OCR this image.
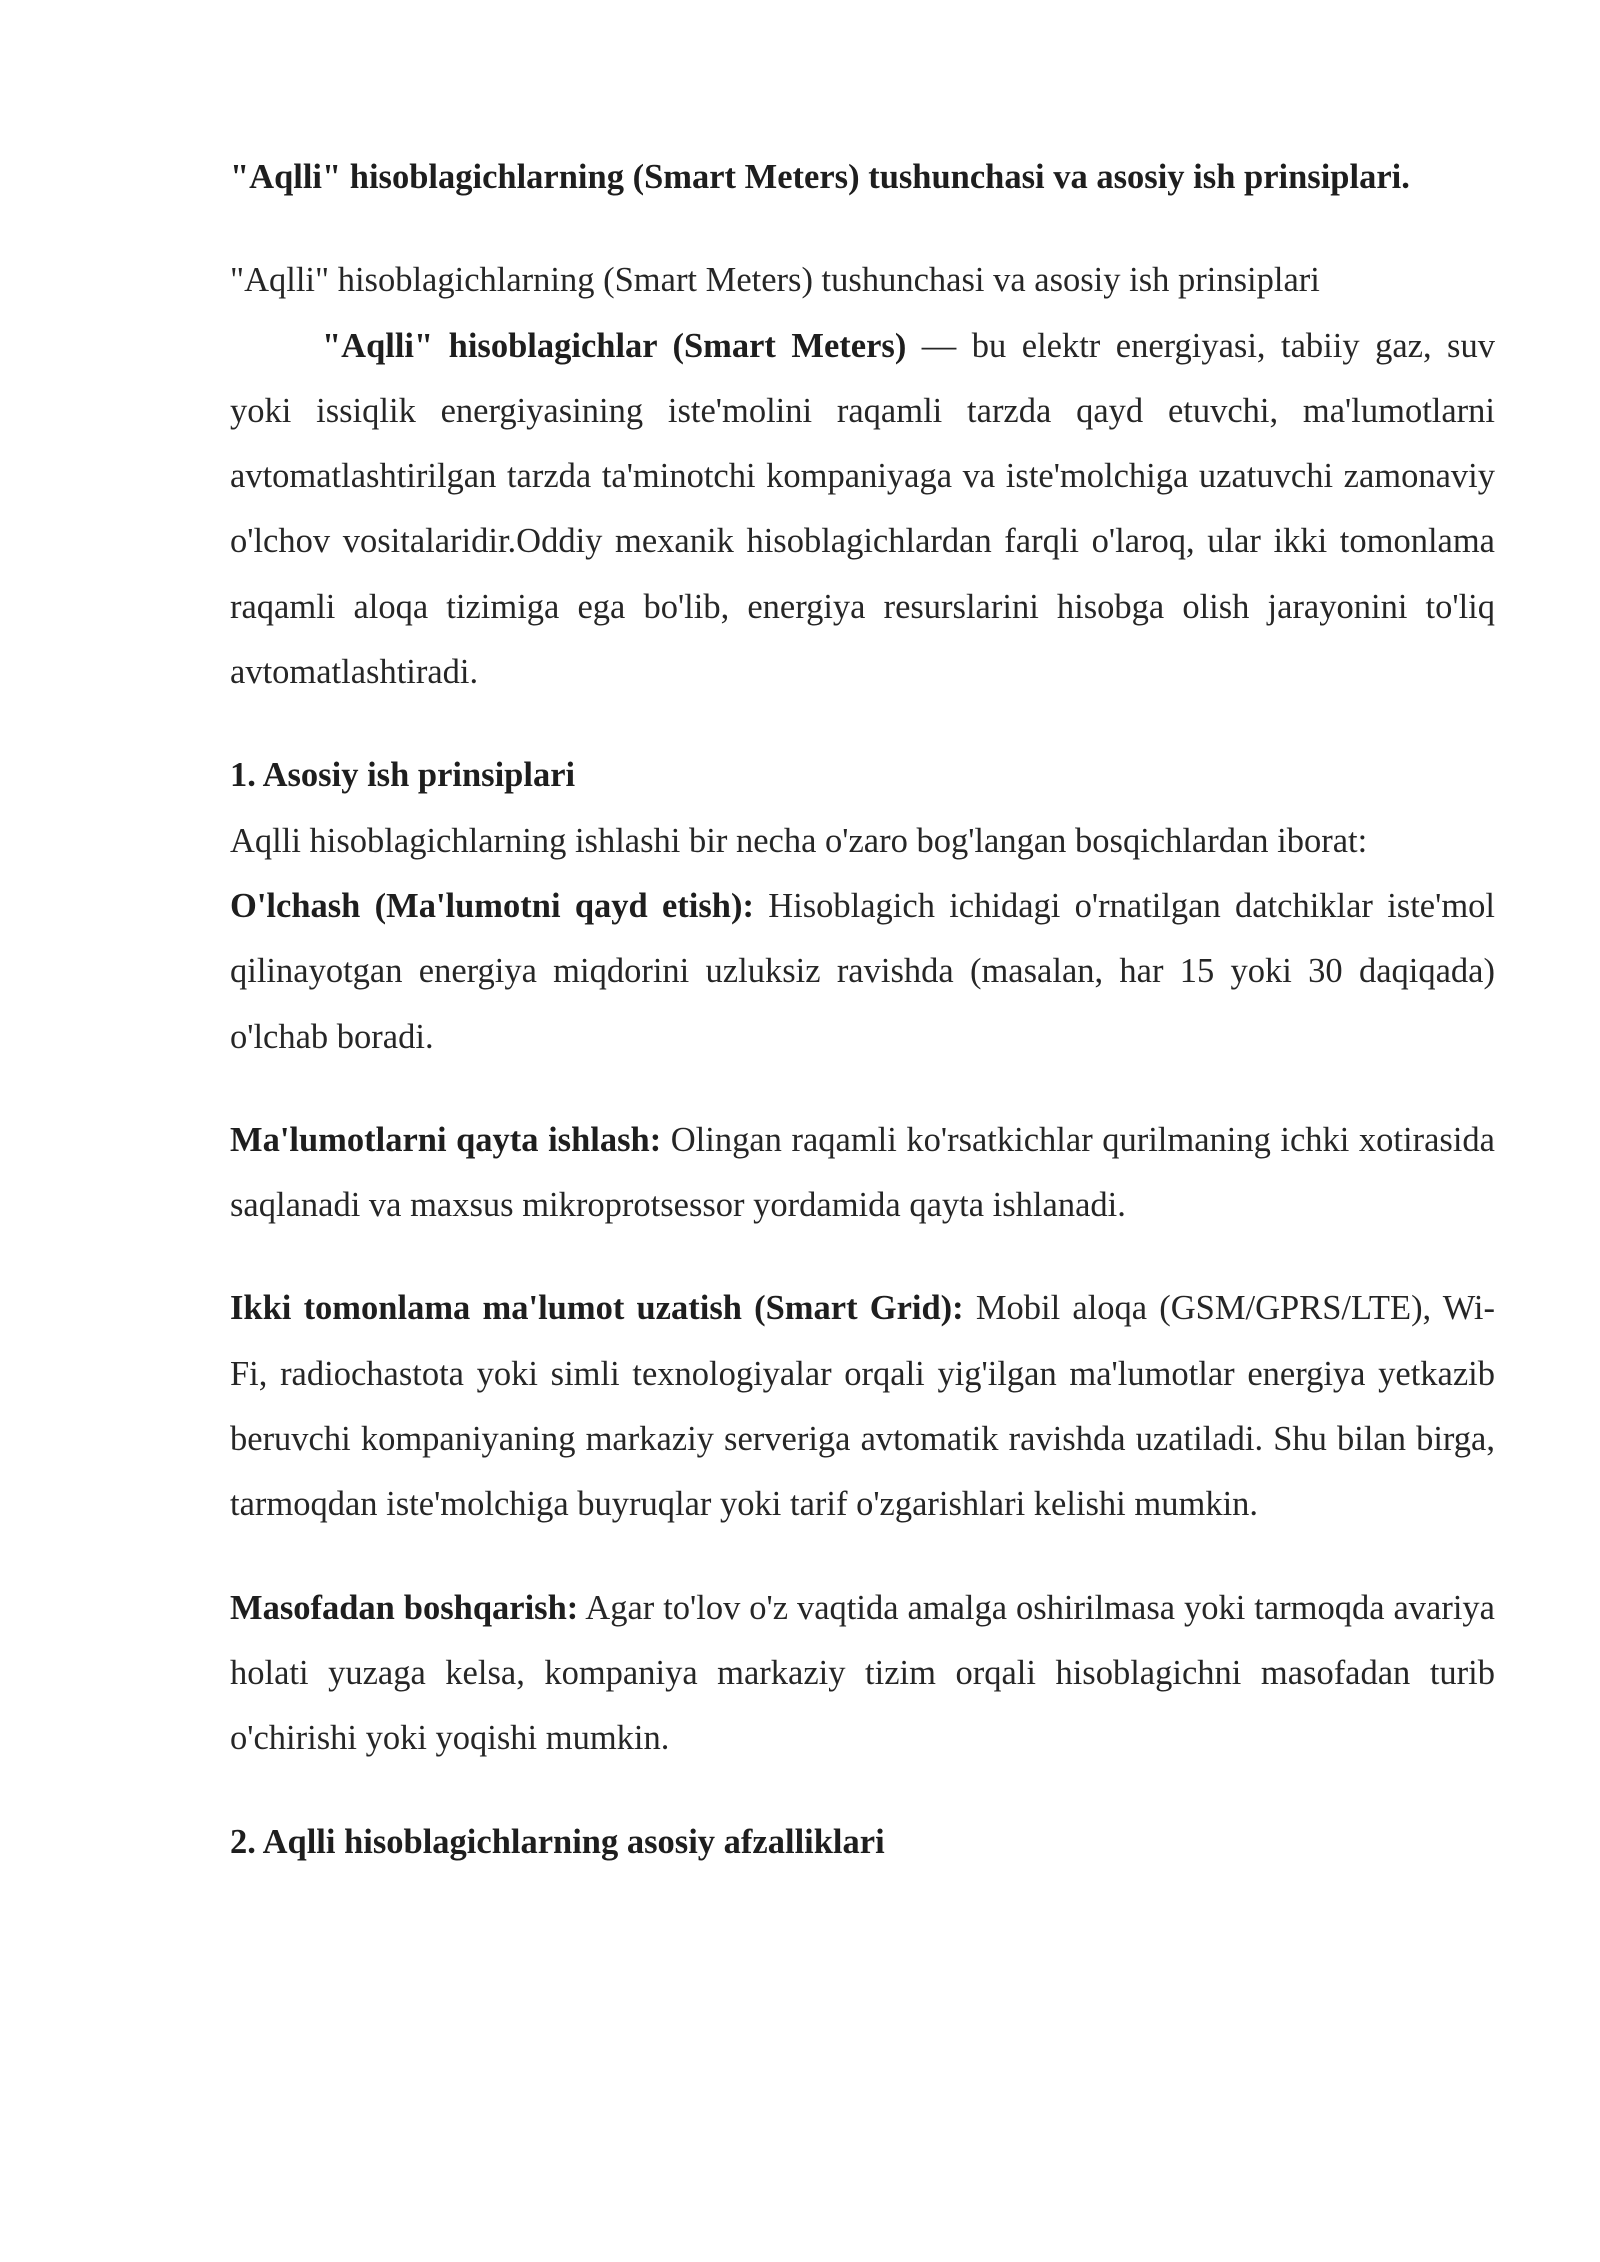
"Aqlli" hisoblagichlarning (Smart Meters) tushunchasi va asosiy ish prinsiplari.

"Aqlli" hisoblagichlarning (Smart Meters) tushunchasi va asosiy ish prinsiplari

"Aqlli" hisoblagichlar (Smart Meters) — bu elektr energiyasi, tabiiy gaz, suv yoki issiqlik energiyasining iste'molini raqamli tarzda qayd etuvchi, ma'lumotlarni avtomatlashtirilgan tarzda ta'minotchi kompaniyaga va iste'molchiga uzatuvchi zamonaviy o'lchov vositalaridir.Oddiy mexanik hisoblagichlardan farqli o'laroq, ular ikki tomonlama raqamli aloqa tizimiga ega bo'lib, energiya resurslarini hisobga olish jarayonini to'liq avtomatlashtiradi.

1. Asosiy ish prinsiplari

Aqlli hisoblagichlarning ishlashi bir necha o'zaro bog'langan bosqichlardan iborat:

O'lchash (Ma'lumotni qayd etish): Hisoblagich ichidagi o'rnatilgan datchiklar iste'mol qilinayotgan energiya miqdorini uzluksiz ravishda (masalan, har 15 yoki 30 daqiqada) o'lchab boradi.

Ma'lumotlarni qayta ishlash: Olingan raqamli ko'rsatkichlar qurilmaning ichki xotirasida saqlanadi va maxsus mikroprotsessor yordamida qayta ishlanadi.

Ikki tomonlama ma'lumot uzatish (Smart Grid): Mobil aloqa (GSM/GPRS/LTE), Wi-Fi, radiochastota yoki simli texnologiyalar orqali yig'ilgan ma'lumotlar energiya yetkazib beruvchi kompaniyaning markaziy serveriga avtomatik ravishda uzatiladi. Shu bilan birga, tarmoqdan iste'molchiga buyruqlar yoki tarif o'zgarishlari kelishi mumkin.

Masofadan boshqarish: Agar to'lov o'z vaqtida amalga oshirilmasa yoki tarmoqda avariya holati yuzaga kelsa, kompaniya markaziy tizim orqali hisoblagichni masofadan turib o'chirishi yoki yoqishi mumkin.

2. Aqlli hisoblagichlarning asosiy afzalliklari
